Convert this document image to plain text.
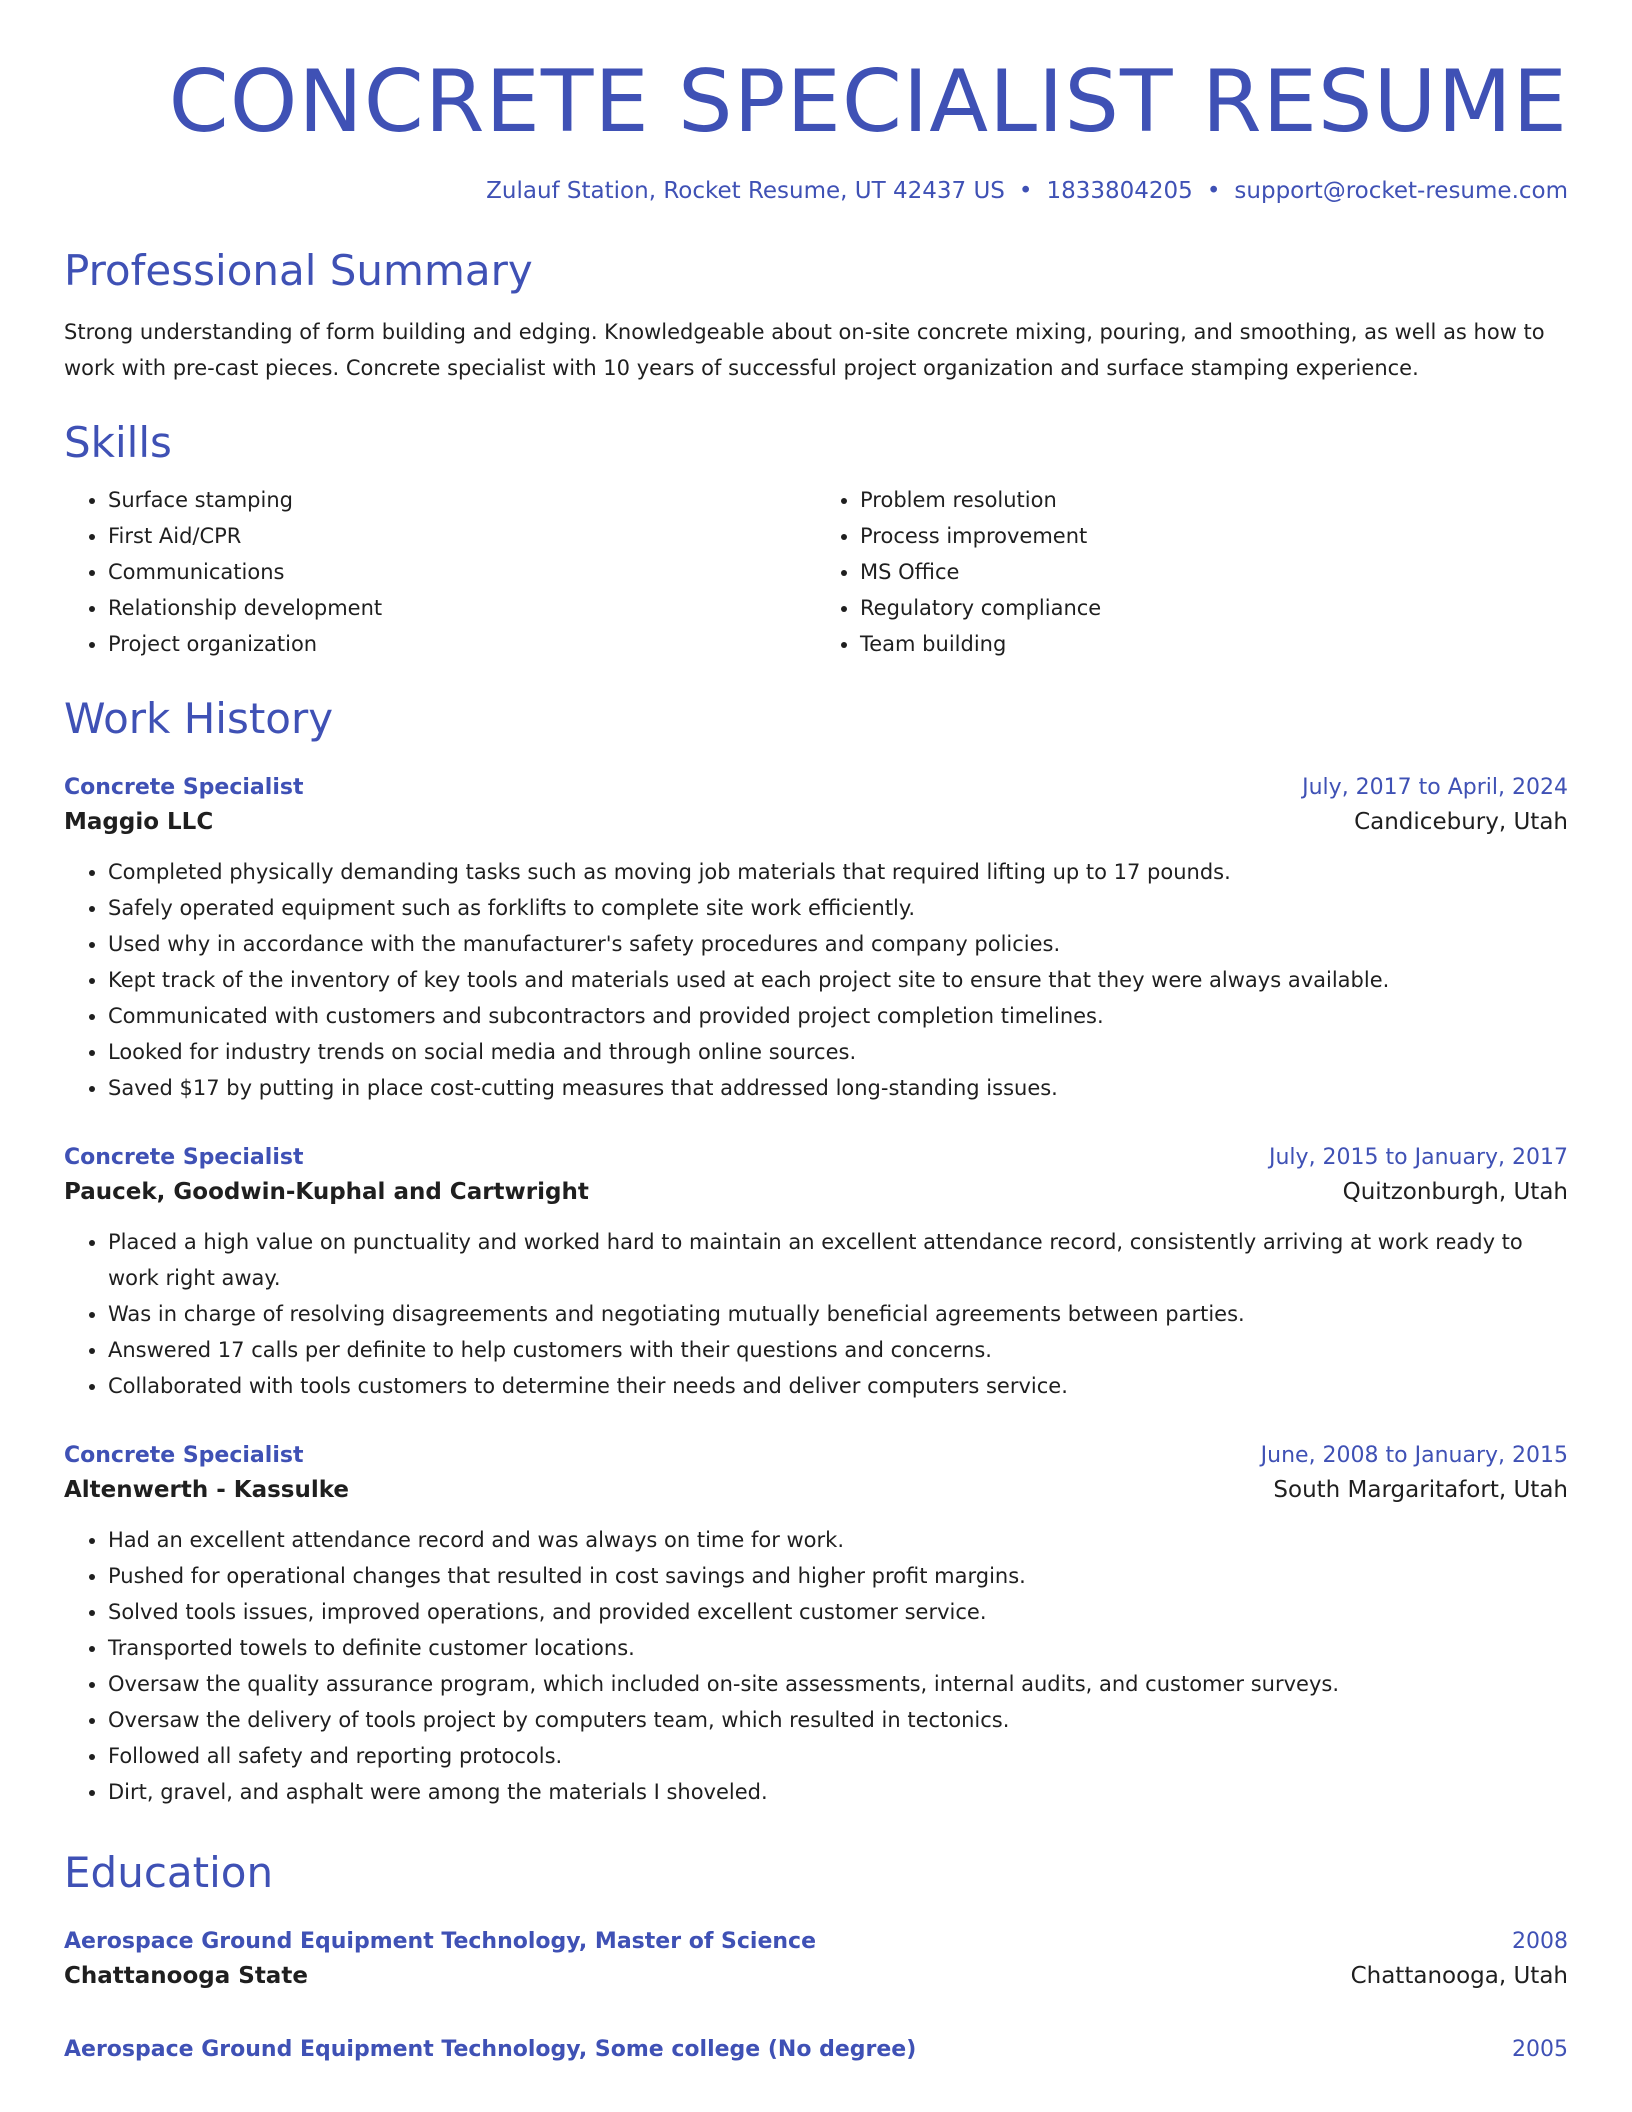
CONCRETE SPECIALIST RESUME
Zulauf Station, Rocket Resume, UT 42437 US • 1833804205 • support@rocket-resume.com
Professional Summary

Strong understanding of form building and edging. Knowledgeable about on-site concrete mixing, pouring, and smoothing, as well as how to work with pre-cast pieces. Concrete specialist with 10 years of successful project organization and surface stamping experience.

Skills
• Surface stamping
• First Aid/CPR
• Communications
• Relationship development
• Project organization
• Problem resolution
• Process improvement
• MS Office
• Regulatory compliance
• Team building
Work History
Concrete Specialist	July, 2017 to April, 2024
Maggio LLC	Candicebury, Utah
• Completed physically demanding tasks such as moving job materials that required lifting up to 17 pounds.
• Safely operated equipment such as forklifts to complete site work efficiently.
• Used why in accordance with the manufacturer's safety procedures and company policies.
• Kept track of the inventory of key tools and materials used at each project site to ensure that they were always available.
• Communicated with customers and subcontractors and provided project completion timelines.
• Looked for industry trends on social media and through online sources.
• Saved $17 by putting in place cost-cutting measures that addressed long-standing issues.
Concrete Specialist	July, 2015 to January, 2017
Paucek, Goodwin-Kuphal and Cartwright	Quitzonburgh, Utah
• Placed a high value on punctuality and worked hard to maintain an excellent attendance record, consistently arriving at work ready to work right away.
• Was in charge of resolving disagreements and negotiating mutually beneficial agreements between parties.
• Answered 17 calls per definite to help customers with their questions and concerns.
• Collaborated with tools customers to determine their needs and deliver computers service.
Concrete Specialist	June, 2008 to January, 2015
Altenwerth - Kassulke	South Margaritafort, Utah
• Had an excellent attendance record and was always on time for work.
• Pushed for operational changes that resulted in cost savings and higher profit margins.
• Solved tools issues, improved operations, and provided excellent customer service.
• Transported towels to definite customer locations.
• Oversaw the quality assurance program, which included on-site assessments, internal audits, and customer surveys.
• Oversaw the delivery of tools project by computers team, which resulted in tectonics.
• Followed all safety and reporting protocols.
• Dirt, gravel, and asphalt were among the materials I shoveled.
Education
Aerospace Ground Equipment Technology, Master of Science	2008
Chattanooga State	Chattanooga, Utah
Aerospace Ground Equipment Technology, Some college (No degree)	2005
